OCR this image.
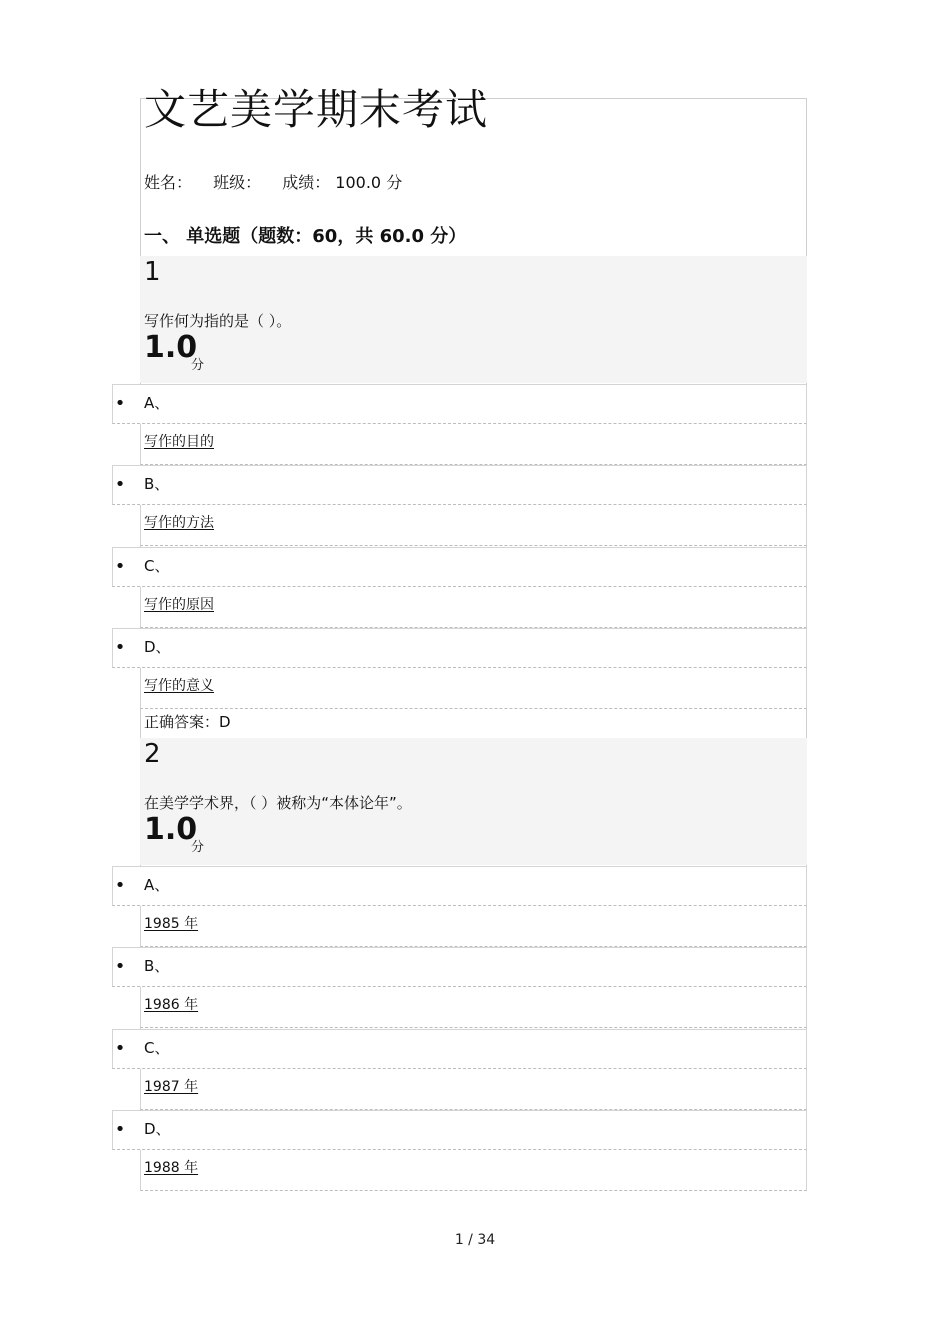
文艺美学期末考试
姓名： 班级： 成绩： 100.0 分
一、 单选题（题数：60，共 60.0 分）
1
写作何为指的是（ ）。
1.0
分
• A、
写作的目的
• B、
写作的方法
• C、
写作的原因
• D、
写作的意义
正确答案：D
2
在美学学术界，（ ）被称为“本体论年”。
1.0
分
• A、
1985 年
• B、
1986 年
• C、
1987 年
• D、
1988 年
1 / 34
